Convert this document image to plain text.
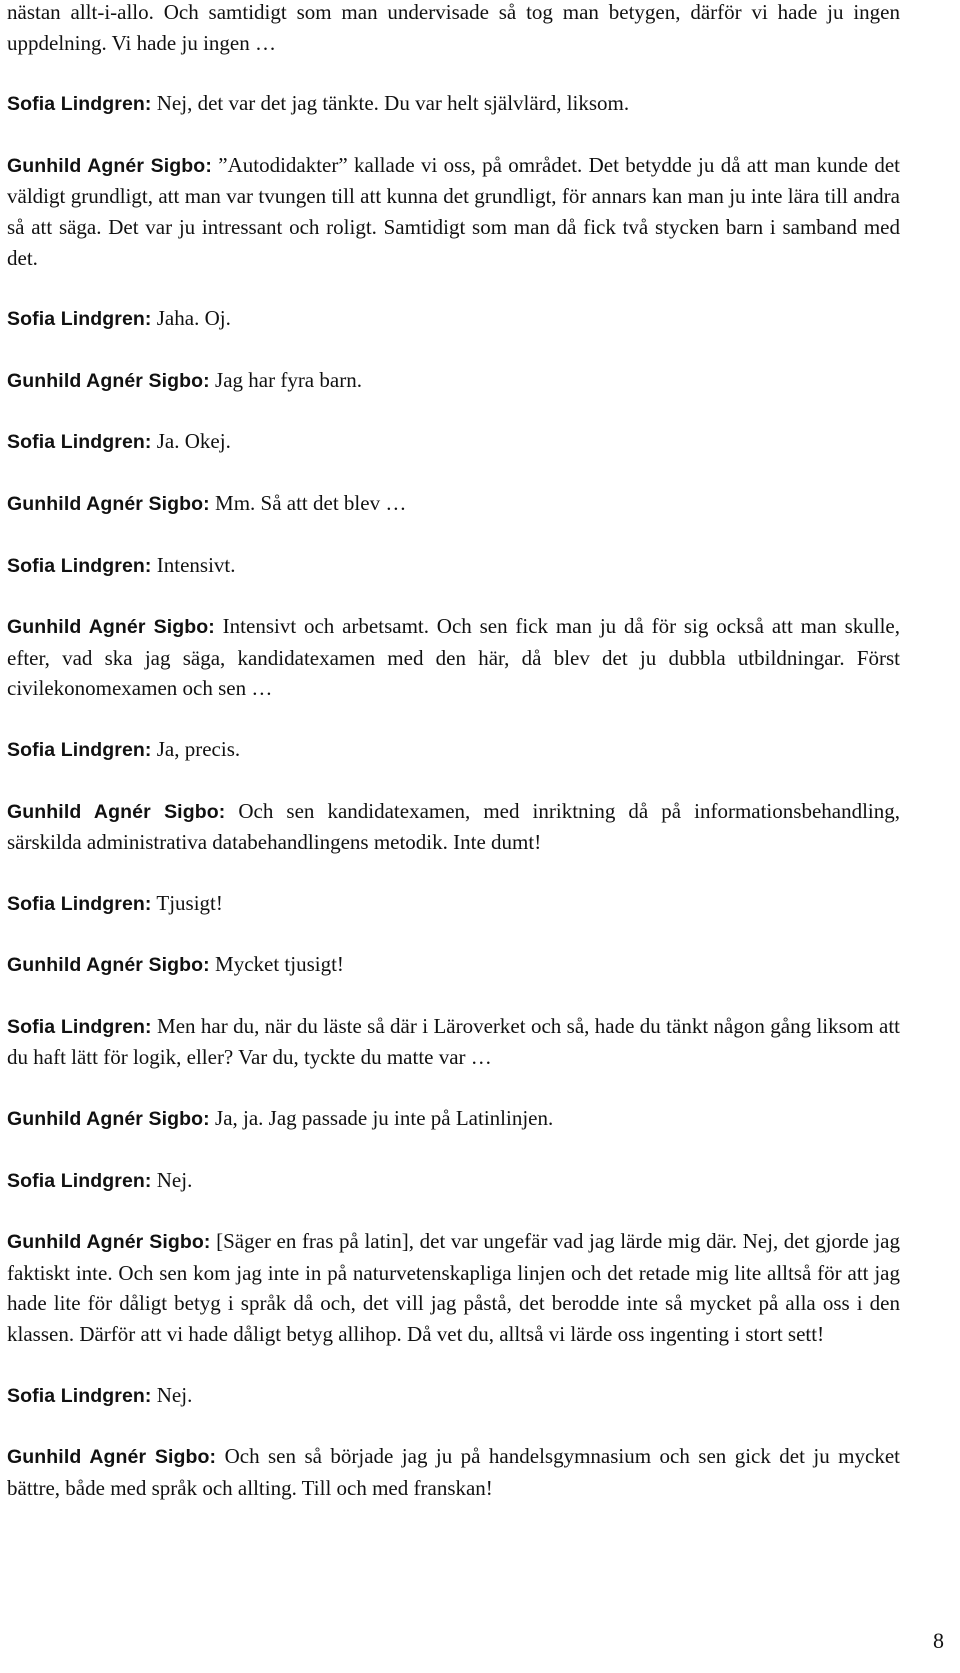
nästan allt-i-allo. Och samtidigt som man undervisade så tog man betygen, därför vi hade ju ingen uppdelning. Vi hade ju ingen …

Sofia Lindgren: Nej, det var det jag tänkte. Du var helt självlärd, liksom.

Gunhild Agnér Sigbo: ”Autodidakter” kallade vi oss, på området. Det betydde ju då att man kunde det väldigt grundligt, att man var tvungen till att kunna det grundligt, för annars kan man ju inte lära till andra så att säga. Det var ju intressant och roligt. Samtidigt som man då fick två stycken barn i samband med det.

Sofia Lindgren: Jaha. Oj.

Gunhild Agnér Sigbo: Jag har fyra barn.

Sofia Lindgren: Ja. Okej.

Gunhild Agnér Sigbo: Mm. Så att det blev …

Sofia Lindgren: Intensivt.

Gunhild Agnér Sigbo: Intensivt och arbetsamt. Och sen fick man ju då för sig också att man skulle, efter, vad ska jag säga, kandidatexamen med den här, då blev det ju dubbla utbildningar. Först civilekonomexamen och sen …

Sofia Lindgren: Ja, precis.

Gunhild Agnér Sigbo: Och sen kandidatexamen, med inriktning då på informationsbehandling, särskilda administrativa databehandlingens metodik. Inte dumt!

Sofia Lindgren: Tjusigt!

Gunhild Agnér Sigbo: Mycket tjusigt!

Sofia Lindgren: Men har du, när du läste så där i Läroverket och så, hade du tänkt någon gång liksom att du haft lätt för logik, eller? Var du, tyckte du matte var …

Gunhild Agnér Sigbo: Ja, ja. Jag passade ju inte på Latinlinjen.

Sofia Lindgren: Nej.

Gunhild Agnér Sigbo: [Säger en fras på latin], det var ungefär vad jag lärde mig där. Nej, det gjorde jag faktiskt inte. Och sen kom jag inte in på naturvetenskapliga linjen och det retade mig lite alltså för att jag hade lite för dåligt betyg i språk då och, det vill jag påstå, det berodde inte så mycket på alla oss i den klassen. Därför att vi hade dåligt betyg allihop. Då vet du, alltså vi lärde oss ingenting i stort sett!

Sofia Lindgren: Nej.

Gunhild Agnér Sigbo: Och sen så började jag ju på handelsgymnasium och sen gick det ju mycket bättre, både med språk och allting. Till och med franskan!

8
